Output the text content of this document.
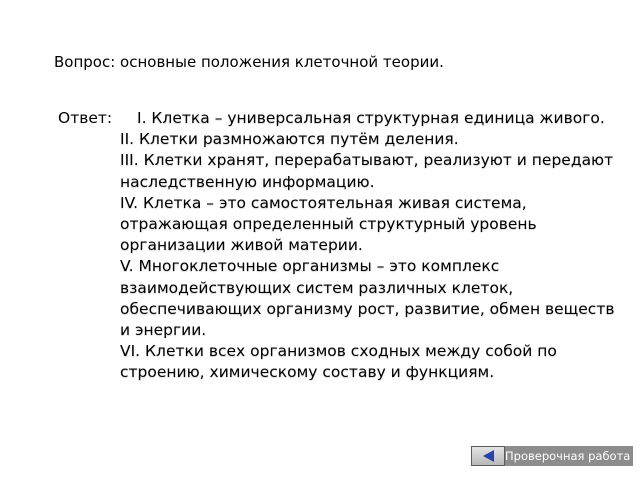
Вопрос: основные положения клеточной теории.
Ответ:	I. Клетка – универсальная структурная единица живого.
II. Клетки размножаются путём деления.
III. Клетки хранят, перерабатывают, реализуют и передают наследственную информацию.
IV. Клетка – это самостоятельная живая система, отражающая определенный структурный уровень организации живой материи.
V. Многоклеточные организмы – это комплекс взаимодействующих систем различных клеток, обеспечивающих организму рост, развитие, обмен веществ и энергии.
VI. Клетки всех организмов сходных между собой по строению, химическому составу и функциям.
Проверочная работа
